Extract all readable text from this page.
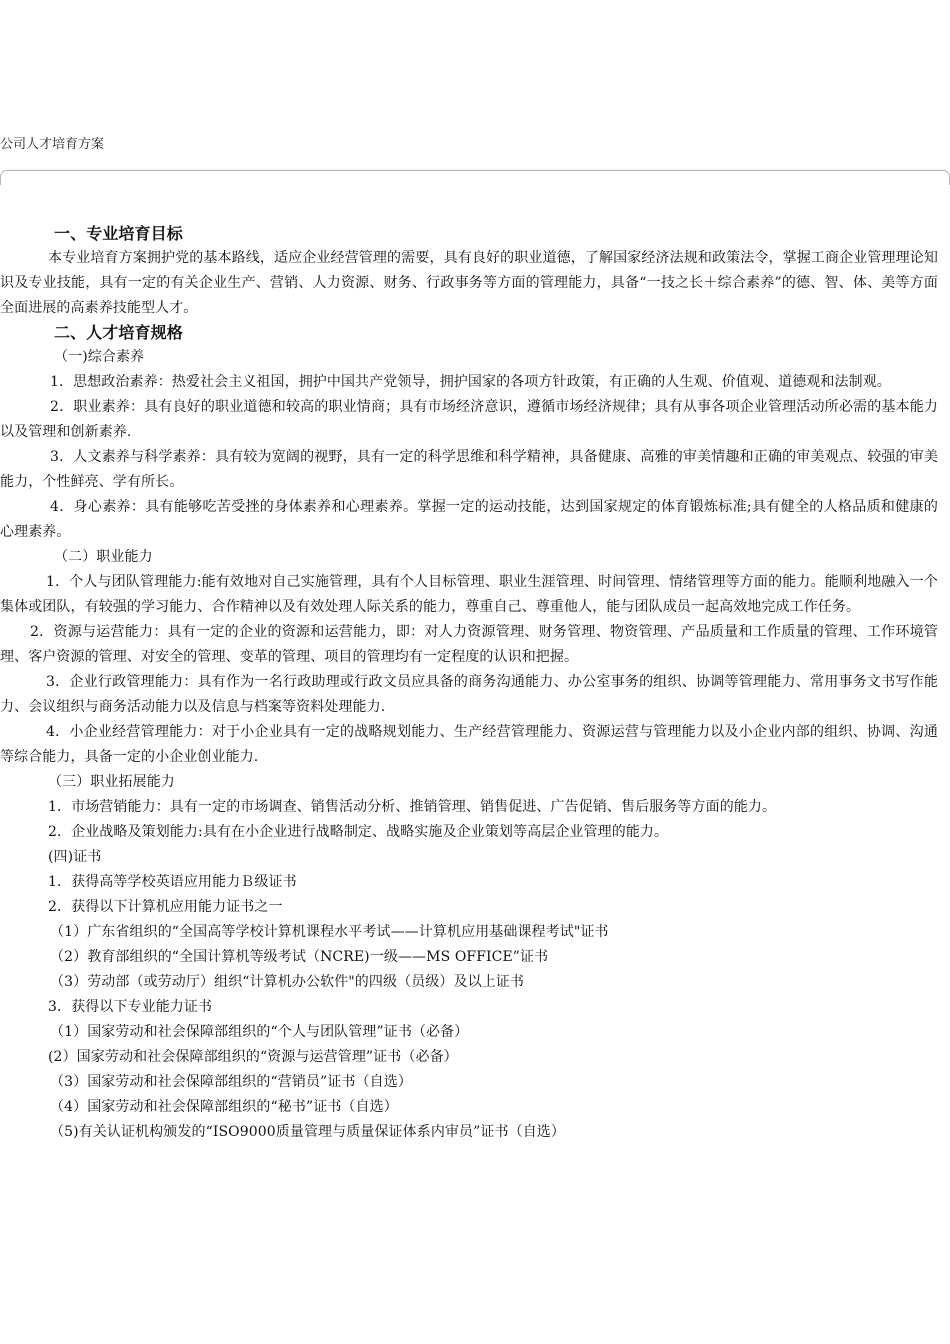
公司人才培育方案

一、专业培育目标

本专业培育方案拥护党的基本路线，适应企业经营管理的需要，具有良好的职业道德，了解国家经济法规和政策法令，掌握工商企业管理理论知识及专业技能，具有一定的有关企业生产、营销、人力资源、财务、行政事务等方面的管理能力，具备“一技之长＋综合素养”的德、智、体、美等方面全面进展的高素养技能型人才。

二、人才培育规格

（一)综合素养

1．思想政治素养：热爱社会主义祖国，拥护中国共产党领导，拥护国家的各项方针政策，有正确的人生观、价值观、道德观和法制观。

2．职业素养：具有良好的职业道德和较高的职业情商；具有市场经济意识，遵循市场经济规律；具有从事各项企业管理活动所必需的基本能力以及管理和创新素养.

3．人文素养与科学素养：具有较为宽阔的视野，具有一定的科学思维和科学精神，具备健康、高雅的审美情趣和正确的审美观点、较强的审美能力，个性鲜亮、学有所长。

4．身心素养：具有能够吃苦受挫的身体素养和心理素养。掌握一定的运动技能，达到国家规定的体育锻炼标准;具有健全的人格品质和健康的心理素养。

（二）职业能力

1．个人与团队管理能力:能有效地对自己实施管理，具有个人目标管理、职业生涯管理、时间管理、情绪管理等方面的能力。能顺利地融入一个集体或团队，有较强的学习能力、合作精神以及有效处理人际关系的能力，尊重自己、尊重他人，能与团队成员一起高效地完成工作任务。

2．资源与运营能力：具有一定的企业的资源和运营能力，即：对人力资源管理、财务管理、物资管理、产品质量和工作质量的管理、工作环境管理、客户资源的管理、对安全的管理、变革的管理、项目的管理均有一定程度的认识和把握。

3．企业行政管理能力：具有作为一名行政助理或行政文员应具备的商务沟通能力、办公室事务的组织、协调等管理能力、常用事务文书写作能力、会议组织与商务活动能力以及信息与档案等资料处理能力.

4．小企业经营管理能力：对于小企业具有一定的战略规划能力、生产经营管理能力、资源运营与管理能力以及小企业内部的组织、协调、沟通等综合能力，具备一定的小企业创业能力.

（三）职业拓展能力

1．市场营销能力：具有一定的市场调查、销售活动分析、推销管理、销售促进、广告促销、售后服务等方面的能力。

2．企业战略及策划能力:具有在小企业进行战略制定、战略实施及企业策划等高层企业管理的能力。

(四)证书

1．获得高等学校英语应用能力Ｂ级证书

2．获得以下计算机应用能力证书之一

（1）广东省组织的“全国高等学校计算机课程水平考试——计算机应用基础课程考试"证书

（2）教育部组织的“全国计算机等级考试（NCRE)一级——MS OFFICE”证书

（3）劳动部（或劳动厅）组织“计算机办公软件"的四级（员级）及以上证书

3．获得以下专业能力证书

（1）国家劳动和社会保障部组织的“个人与团队管理”证书（必备）

(2）国家劳动和社会保障部组织的“资源与运营管理”证书（必备）

（3）国家劳动和社会保障部组织的“营销员”证书（自选）

（4）国家劳动和社会保障部组织的“秘书”证书（自选）

（5)有关认证机构颁发的“ISO9000质量管理与质量保证体系内审员”证书（自选）
